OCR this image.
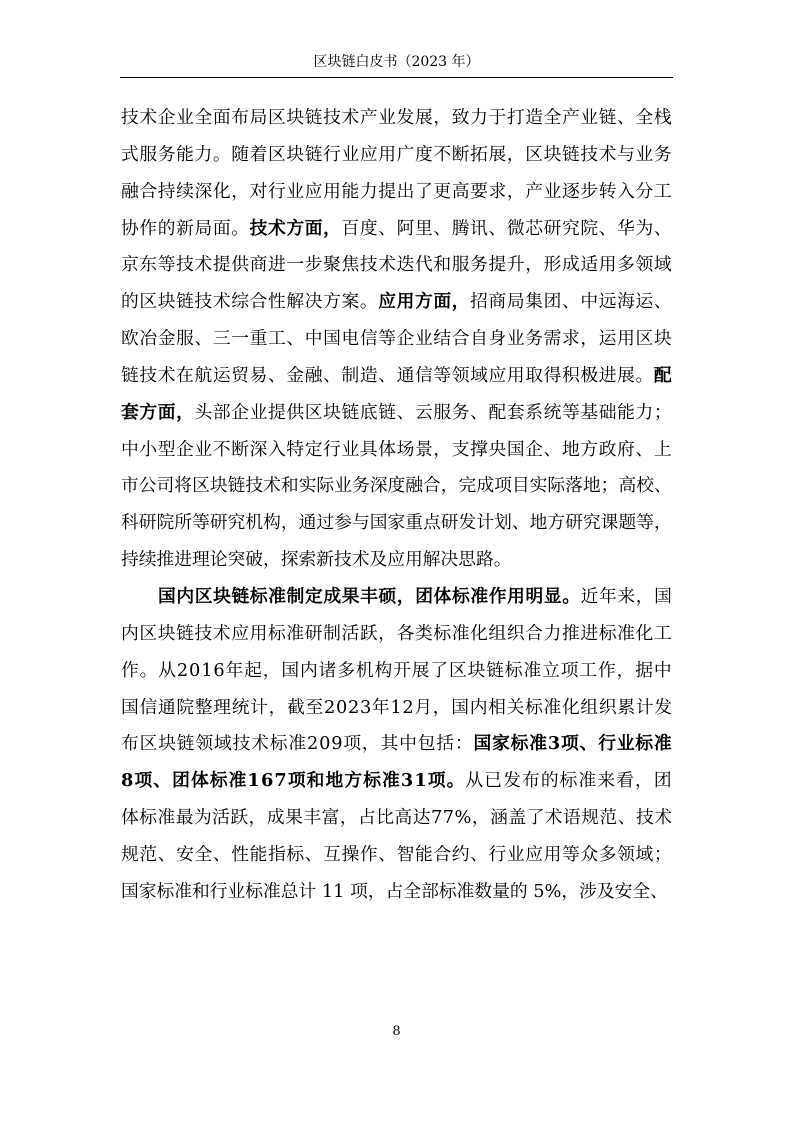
区块链白皮书（2023 年）
技 术 企 业 全 面 布 局 区 块 链 技 术 产 业 发 展 ， 致 力 于 打 造 全 产 业 链 、 全 栈
式 服 务 能 力 。 随 着 区 块 链 行 业 应 用 广 度 不 断 拓 展 ， 区 块 链 技 术 与 业 务
融 合 持 续 深 化 ， 对 行 业 应 用 能 力 提 出 了 更 高 要 求 ， 产 业 逐 步 转 入 分 工
协 作 的 新 局 面 。 技 术 方 面 ， 百 度 、 阿 里 、 腾 讯 、 微 芯 研 究 院 、 华 为 、
京 东 等 技 术 提 供 商 进 一 步 聚 焦 技 术 迭 代 和 服 务 提 升 ， 形 成 适 用 多 领 域
的 区 块 链 技 术 综 合 性 解 决 方 案 。 应 用 方 面 ， 招 商 局 集 团 、 中 远 海 运 、
欧 冶 金 服 、 三 一 重 工 、 中 国 电 信 等 企 业 结 合 自 身 业 务 需 求 ， 运 用 区 块
链 技 术 在 航 运 贸 易 、 金 融 、 制 造 、 通 信 等 领 域 应 用 取 得 积 极 进 展 。 配
套 方 面 ， 头 部 企 业 提 供 区 块 链 底 链 、 云 服 务 、 配 套 系 统 等 基 础 能 力 ；
中 小 型 企 业 不 断 深 入 特 定 行 业 具 体 场 景 ， 支 撑 央 国 企 、 地 方 政 府 、 上
市 公 司 将 区 块 链 技 术 和 实 际 业 务 深 度 融 合 ， 完 成 项 目 实 际 落 地 ； 高 校 、
科 研 院 所 等 研 究 机 构 ， 通 过 参 与 国 家 重 点 研 发 计 划 、 地 方 研 究 课 题 等 ，
持续推进理论突破，探索新技术及应用解决思路。
国 内 区 块 链 标 准 制 定 成 果 丰 硕 ， 团 体 标 准 作 用 明 显 。 近 年 来 ， 国
内 区 块 链 技 术 应 用 标 准 研 制 活 跃 ， 各 类 标 准 化 组 织 合 力 推 进 标 准 化 工
作 。 从 2 0 1 6 年 起 ， 国 内 诸 多 机 构 开 展 了 区 块 链 标 准 立 项 工 作 ， 据 中
国 信 通 院 整 理 统 计 ， 截 至 2 0 2 3 年 1 2 月 ， 国 内 相 关 标 准 化 组 织 累 计 发
布 区 块 链 领 域 技 术 标 准 2 0 9 项 ， 其 中 包 括 ： 国 家 标 准 3 项 、 行 业 标 准
8 项 、 团 体 标 准 1 6 7 项 和 地 方 标 准 3 1 项 。 从 已 发 布 的 标 准 来 看 ， 团
体 标 准 最 为 活 跃 ， 成 果 丰 富 ， 占 比 高 达 7 7 % ， 涵 盖 了 术 语 规 范 、 技 术
规 范 、 安 全 、 性 能 指 标 、 互 操 作 、 智 能 合 约 、 行 业 应 用 等 众 多 领 域 ；
国家标准和行业标准总计 11 项，占全部标准数量的 5%，涉及安全、
8
